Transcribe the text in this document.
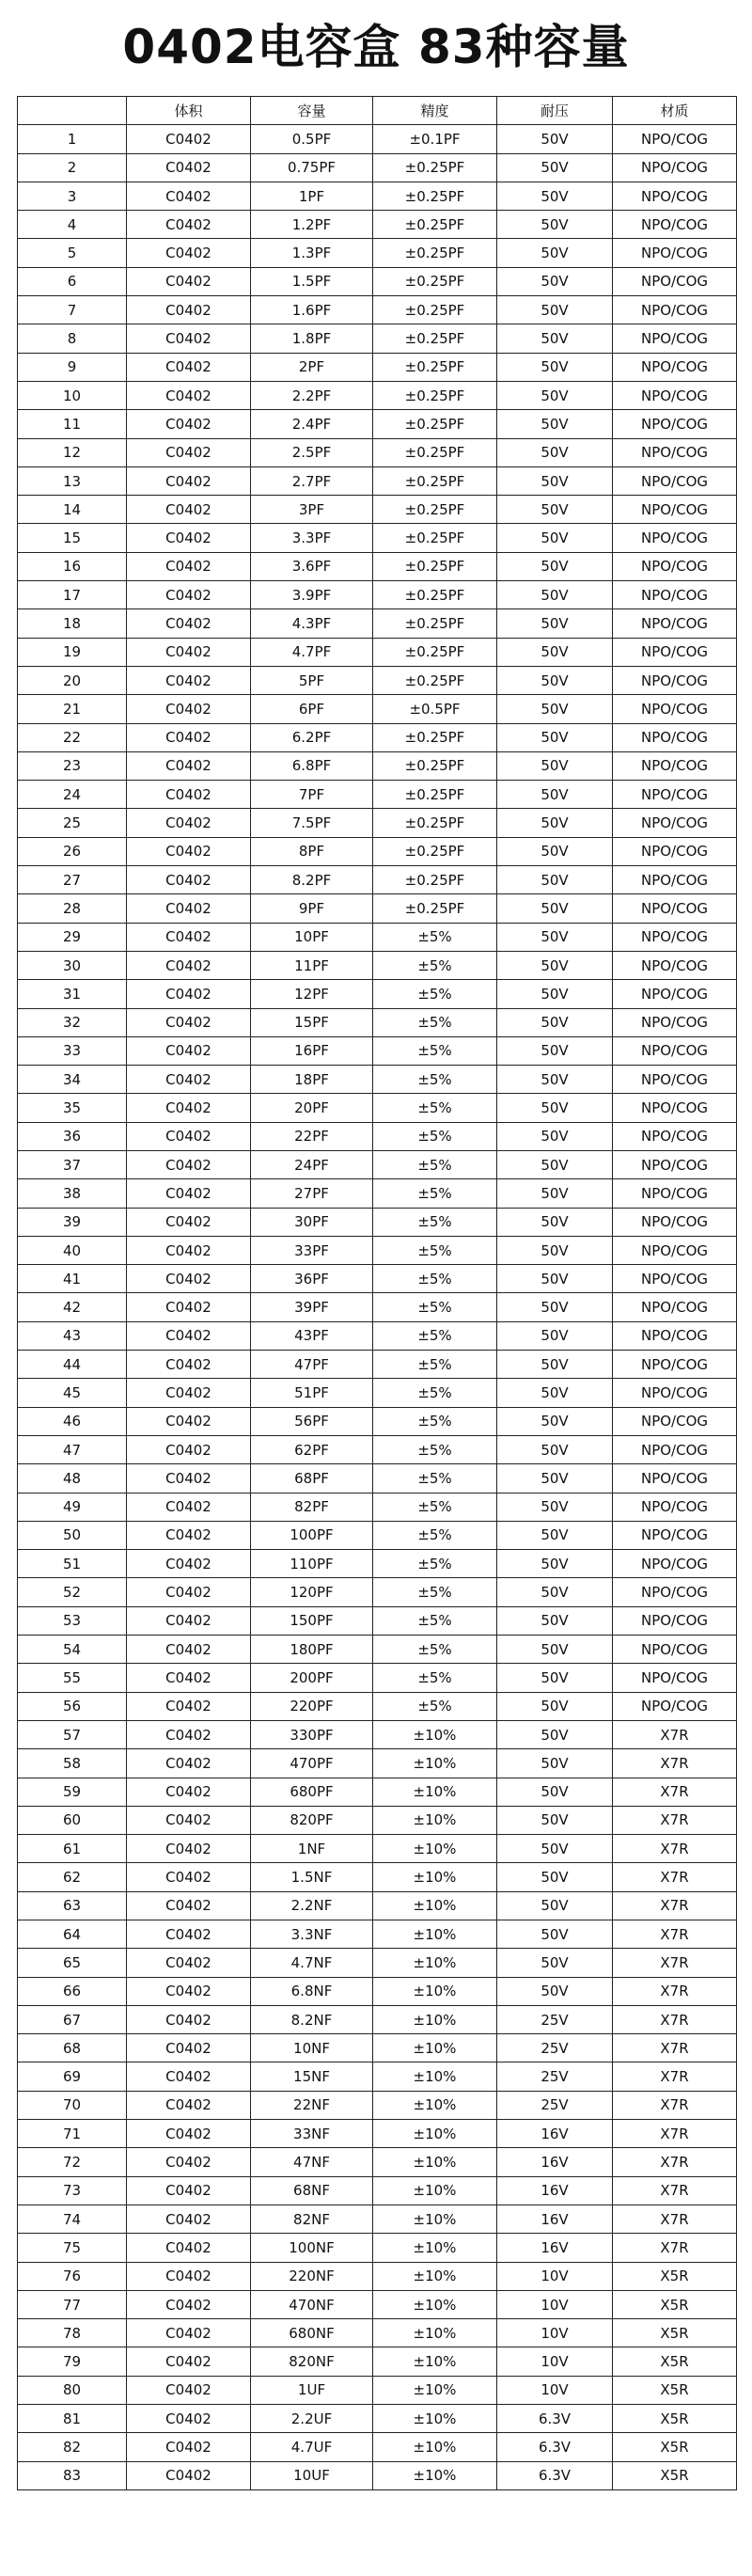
0402电容盒 83种容量
	体积	容量	精度	耐压	材质
1	C0402	0.5PF	±0.1PF	50V	NPO/COG
2	C0402	0.75PF	±0.25PF	50V	NPO/COG
3	C0402	1PF	±0.25PF	50V	NPO/COG
4	C0402	1.2PF	±0.25PF	50V	NPO/COG
5	C0402	1.3PF	±0.25PF	50V	NPO/COG
6	C0402	1.5PF	±0.25PF	50V	NPO/COG
7	C0402	1.6PF	±0.25PF	50V	NPO/COG
8	C0402	1.8PF	±0.25PF	50V	NPO/COG
9	C0402	2PF	±0.25PF	50V	NPO/COG
10	C0402	2.2PF	±0.25PF	50V	NPO/COG
11	C0402	2.4PF	±0.25PF	50V	NPO/COG
12	C0402	2.5PF	±0.25PF	50V	NPO/COG
13	C0402	2.7PF	±0.25PF	50V	NPO/COG
14	C0402	3PF	±0.25PF	50V	NPO/COG
15	C0402	3.3PF	±0.25PF	50V	NPO/COG
16	C0402	3.6PF	±0.25PF	50V	NPO/COG
17	C0402	3.9PF	±0.25PF	50V	NPO/COG
18	C0402	4.3PF	±0.25PF	50V	NPO/COG
19	C0402	4.7PF	±0.25PF	50V	NPO/COG
20	C0402	5PF	±0.25PF	50V	NPO/COG
21	C0402	6PF	±0.5PF	50V	NPO/COG
22	C0402	6.2PF	±0.25PF	50V	NPO/COG
23	C0402	6.8PF	±0.25PF	50V	NPO/COG
24	C0402	7PF	±0.25PF	50V	NPO/COG
25	C0402	7.5PF	±0.25PF	50V	NPO/COG
26	C0402	8PF	±0.25PF	50V	NPO/COG
27	C0402	8.2PF	±0.25PF	50V	NPO/COG
28	C0402	9PF	±0.25PF	50V	NPO/COG
29	C0402	10PF	±5%	50V	NPO/COG
30	C0402	11PF	±5%	50V	NPO/COG
31	C0402	12PF	±5%	50V	NPO/COG
32	C0402	15PF	±5%	50V	NPO/COG
33	C0402	16PF	±5%	50V	NPO/COG
34	C0402	18PF	±5%	50V	NPO/COG
35	C0402	20PF	±5%	50V	NPO/COG
36	C0402	22PF	±5%	50V	NPO/COG
37	C0402	24PF	±5%	50V	NPO/COG
38	C0402	27PF	±5%	50V	NPO/COG
39	C0402	30PF	±5%	50V	NPO/COG
40	C0402	33PF	±5%	50V	NPO/COG
41	C0402	36PF	±5%	50V	NPO/COG
42	C0402	39PF	±5%	50V	NPO/COG
43	C0402	43PF	±5%	50V	NPO/COG
44	C0402	47PF	±5%	50V	NPO/COG
45	C0402	51PF	±5%	50V	NPO/COG
46	C0402	56PF	±5%	50V	NPO/COG
47	C0402	62PF	±5%	50V	NPO/COG
48	C0402	68PF	±5%	50V	NPO/COG
49	C0402	82PF	±5%	50V	NPO/COG
50	C0402	100PF	±5%	50V	NPO/COG
51	C0402	110PF	±5%	50V	NPO/COG
52	C0402	120PF	±5%	50V	NPO/COG
53	C0402	150PF	±5%	50V	NPO/COG
54	C0402	180PF	±5%	50V	NPO/COG
55	C0402	200PF	±5%	50V	NPO/COG
56	C0402	220PF	±5%	50V	NPO/COG
57	C0402	330PF	±10%	50V	X7R
58	C0402	470PF	±10%	50V	X7R
59	C0402	680PF	±10%	50V	X7R
60	C0402	820PF	±10%	50V	X7R
61	C0402	1NF	±10%	50V	X7R
62	C0402	1.5NF	±10%	50V	X7R
63	C0402	2.2NF	±10%	50V	X7R
64	C0402	3.3NF	±10%	50V	X7R
65	C0402	4.7NF	±10%	50V	X7R
66	C0402	6.8NF	±10%	50V	X7R
67	C0402	8.2NF	±10%	25V	X7R
68	C0402	10NF	±10%	25V	X7R
69	C0402	15NF	±10%	25V	X7R
70	C0402	22NF	±10%	25V	X7R
71	C0402	33NF	±10%	16V	X7R
72	C0402	47NF	±10%	16V	X7R
73	C0402	68NF	±10%	16V	X7R
74	C0402	82NF	±10%	16V	X7R
75	C0402	100NF	±10%	16V	X7R
76	C0402	220NF	±10%	10V	X5R
77	C0402	470NF	±10%	10V	X5R
78	C0402	680NF	±10%	10V	X5R
79	C0402	820NF	±10%	10V	X5R
80	C0402	1UF	±10%	10V	X5R
81	C0402	2.2UF	±10%	6.3V	X5R
82	C0402	4.7UF	±10%	6.3V	X5R
83	C0402	10UF	±10%	6.3V	X5R
